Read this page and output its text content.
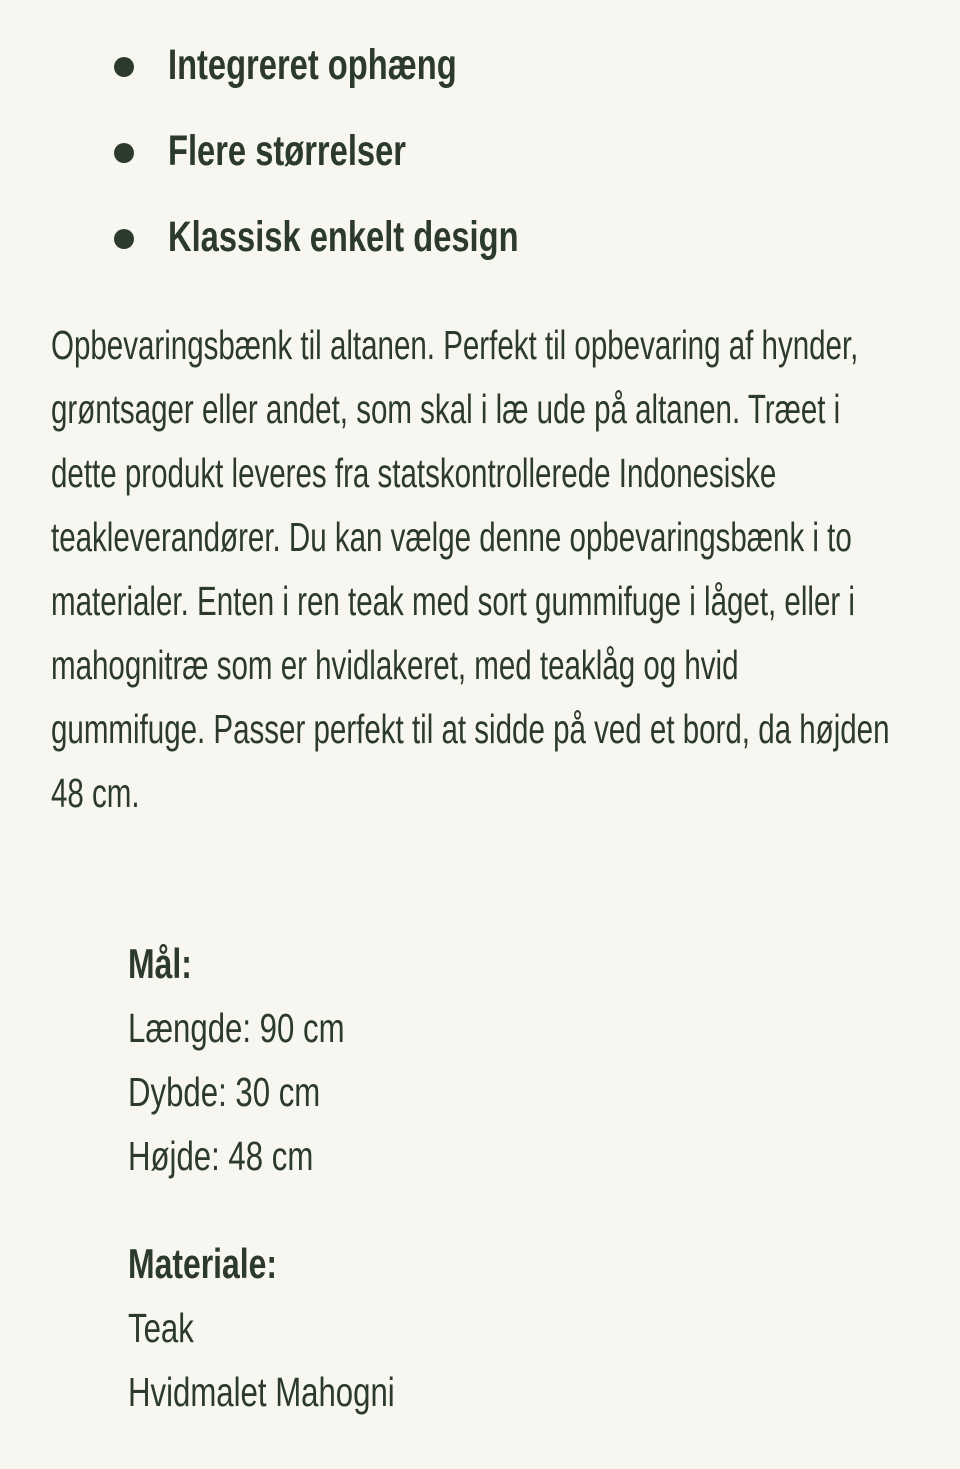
Integreret ophæng
Flere størrelser
Klassisk enkelt design

Opbevaringsbænk til altanen. Perfekt til opbevaring af hynder, grøntsager eller andet, som skal i læ ude på altanen. Træet i dette produkt leveres fra statskontrollerede Indonesiske teakleverandører. Du kan vælge denne opbevaringsbænk i to materialer. Enten i ren teak med sort gummifuge i låget, eller i mahognitræ som er hvidlakeret, med teaklåg og hvid gummifuge. Passer perfekt til at sidde på ved et bord, da højden 48 cm.

Mål:
Længde: 90 cm
Dybde: 30 cm
Højde: 48 cm
Materiale:
Teak
Hvidmalet Mahogni
